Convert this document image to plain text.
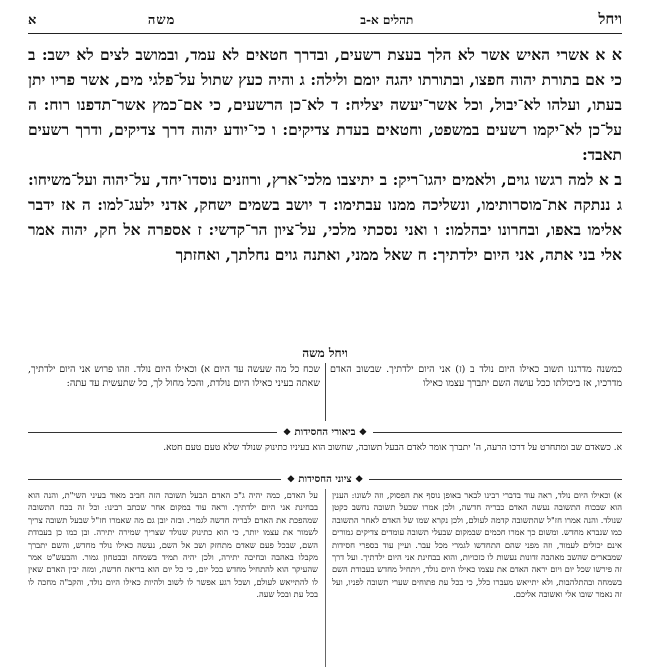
ויחל
תהלים א-ב
משה                    א

א א אשרי האיש אשר לא הלך בעצת רשעים, ובדרך חטאים לא עמד, ובמושב לצים לא ישב: ב כי אם בתורת יהוה חפצו, ובתורתו יהגה יומם ולילה: ג והיה כעץ שתול על־פלגי מים, אשר פריו יתן בעתו, ועלהו לא־יבול, וכל אשר־יעשה יצליח: ד לא־כן הרשעים, כי אם־כמץ אשר־תדפנו רוח: ה על־כן לא־יקמו רשעים במשפט, וחטאים בעדת צדיקים: ו כי־יודע יהוה דרך צדיקים, ודרך רשעים תאבד:

ב א למה רגשו גוים, ולאמים יהגו־ריק: ב יתיצבו מלכי־ארץ, ורוזנים נוסדו־יחד, על־יהוה ועל־משיחו: ג ננתקה את־מוסרותימו, ונשליכה ממנו עבתימו: ד יושב בשמים ישחק, אדני ילעג־למו: ה אז ידבר אלימו באפו, ובחרונו יבהלמו: ו ואני נסכתי מלכי, על־ציון הר־קדשי: ז אספרה אל חק, יהוה אמר אלי בני אתה, אני היום ילדתיך: ח שאל ממני, ואתנה גוים נחלתך, ואחזתך

ויחל משה
כמשנה מדרגנו תשוב כאילו היום נולד ב (ז) אני היום ילדתיך. שבשוב האדם מדרכיו, אז ביכולתו ככל עושה השם יתברך עצמו כאילו
שכח כל מה שעשה עד היום א) וכאילו היום נולד. וזהו פרוש אני היום ילדתיך, שאתה בעיני כאילו היום נולדת, והכל מחול לך, כל שתעשית עד עתה:
❖ ביאורי החסידות ❖
א. כשאדם שב ומתחרט על דרכו הרעה, ה' יתברך אומר לאדם הבעל תשובה, שחשוב הוא בעיניו כתינוק שנולד שלא טעם טעם חטא.
❖ ציוני החסידות ❖
א) וכאילו היום נולד, ראה עוד בדברי רבינו לבאר באופן נוסף את הפסוק, וזה לשונו: הענין הוא שבכוח התשובה נעשה האדם כבריה חדשה, ולכן אמרו שבעל תשובה נחשב כקטן שנולד. והנה אמרו חז"ל שהתשובה קדמה לעולם, ולכן נקרא שמו של האדם לאחר התשובה כמו שנברא מחדש. ומשום כך אמרו חכמים שבמקום שבעלי תשובה עומדים צדיקים גמורים אינם יכולים לעמוד, וזה מפני שהם התחדשו לגמרי מכל עבר. ועיין עוד בספרי חסידות שמבארים שהשב מאהבה זדונות נעשות לו כזכויות, והוא בבחינת אני היום ילדתיך. ועל דרך זה פירשו שכל יום ויום יראה האדם את עצמו כאילו היום נולד, ויתחיל מחדש בעבודת השם בשמחה ובהתלהבות, ולא יתייאש מעברו כלל, כי בכל עת פתוחים שערי תשובה לפניו, ועל זה נאמר שובו אלי ואשובה אליכם.
על האדם, כמה יהיה ג"כ האדם הבעל תשובה הזה חביב מאוד בעיני השי"ת, והנה הוא בבחינת אני היום ילדתיך. וראה עוד במקום אחר שכתב רבינו: וכל זה בכח התשובה שמהפכת את האדם לבריה חדשה לגמרי. ובזה יובן גם מה שאמרו חז"ל שבעל תשובה צריך לשמור את עצמו יותר, כי הוא כתינוק שנולד שצריך שמירה יתירה. ובן כמו כן בעבודת השם, שבכל פעם שאדם מתחזק ושב אל השם, נעשה כאילו נולד מחדש, והשם יתברך מקבלו באהבה ובחיבה יתירה, ולכן יהיה תמיד בשמחה ובבטחון גמור. והבעש"ט אמר שהעיקר הוא להתחיל מחדש בכל יום, כי כל יום הוא בריאה חדשה, ומזה יבין האדם שאין לו להתייאש לעולם, ושכל רגע אפשר לו לשוב ולהיות כאילו היום נולד, והקב"ה מחכה לו בכל עת ובכל שעה.
